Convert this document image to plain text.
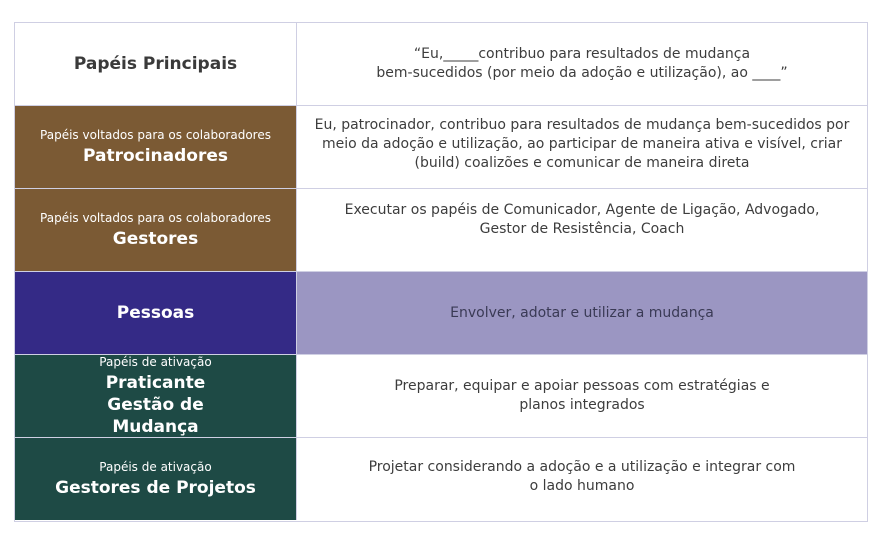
Papéis Principais	“Eu,_____contribuo para resultados de mudança
bem-sucedidos (por meio da adoção e utilização), ao ____”
Papéis voltados para os colaboradores
Patrocinadores
Eu, patrocinador, contribuo para resultados de mudança bem-sucedidos por meio da adoção e utilização, ao participar de maneira ativa e visível, criar (build) coalizões e comunicar de maneira direta
Papéis voltados para os colaboradores
Gestores
Executar os papéis de Comunicador, Agente de Ligação, Advogado, Gestor de Resistência, Coach
Pessoas	Envolver, adotar e utilizar a mudança
Papéis de ativação
Praticante Gestão de Mudança
Preparar, equipar e apoiar pessoas com estratégias e planos integrados
Papéis de ativação
Gestores de Projetos
Projetar considerando a adoção e a utilização e integrar com o lado humano
